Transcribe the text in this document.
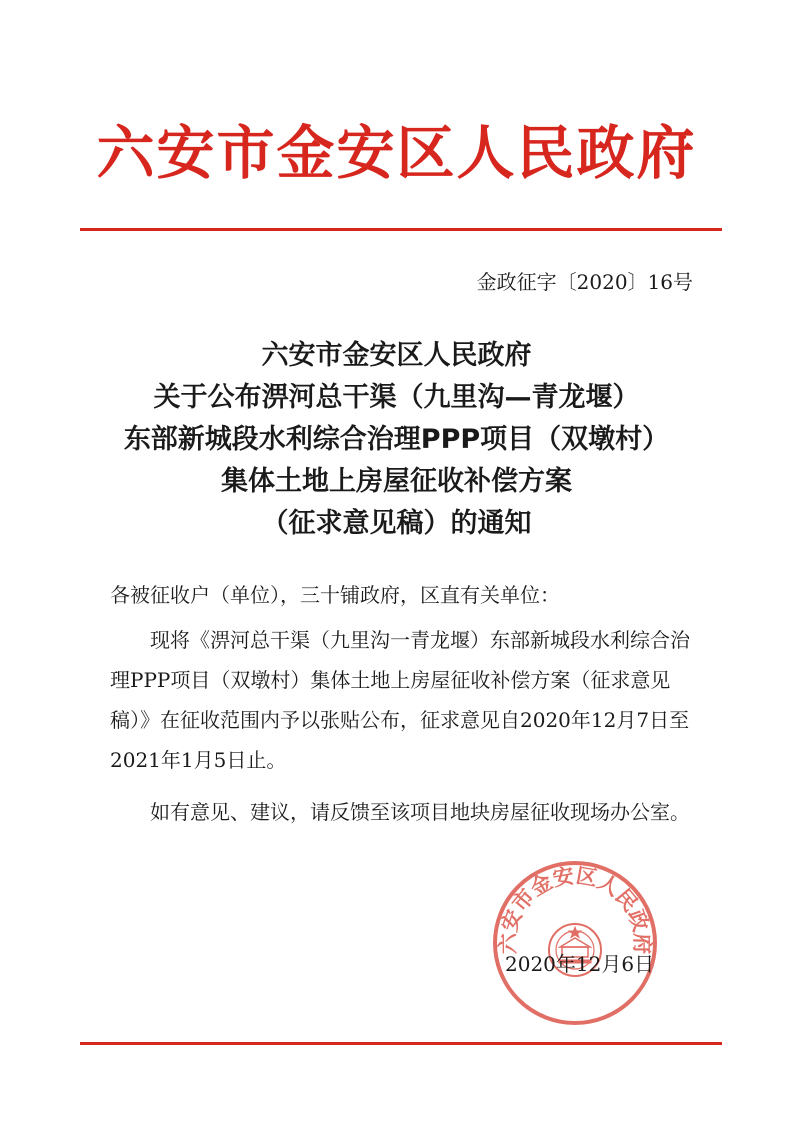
六安市金安区人民政府
金政征字〔2020〕16号
六安市金安区人民政府
关于公布淠河总干渠（九里沟—青龙堰）
东部新城段水利综合治理PPP项目（双墩村）
集体土地上房屋征收补偿方案
（征求意见稿）的通知
各被征收户（单位），三十铺政府，区直有关单位：
现将《淠河总干渠（九里沟一青龙堰）东部新城段水利综合治理PPP项目（双墩村）集体土地上房屋征收补偿方案（征求意见稿）》在征收范围内予以张贴公布，征求意见自2020年12月7日至2021年1月5日止。
如有意见、建议，请反馈至该项目地块房屋征收现场办公室。
六安市金安区人民政府
2020年12月6日
